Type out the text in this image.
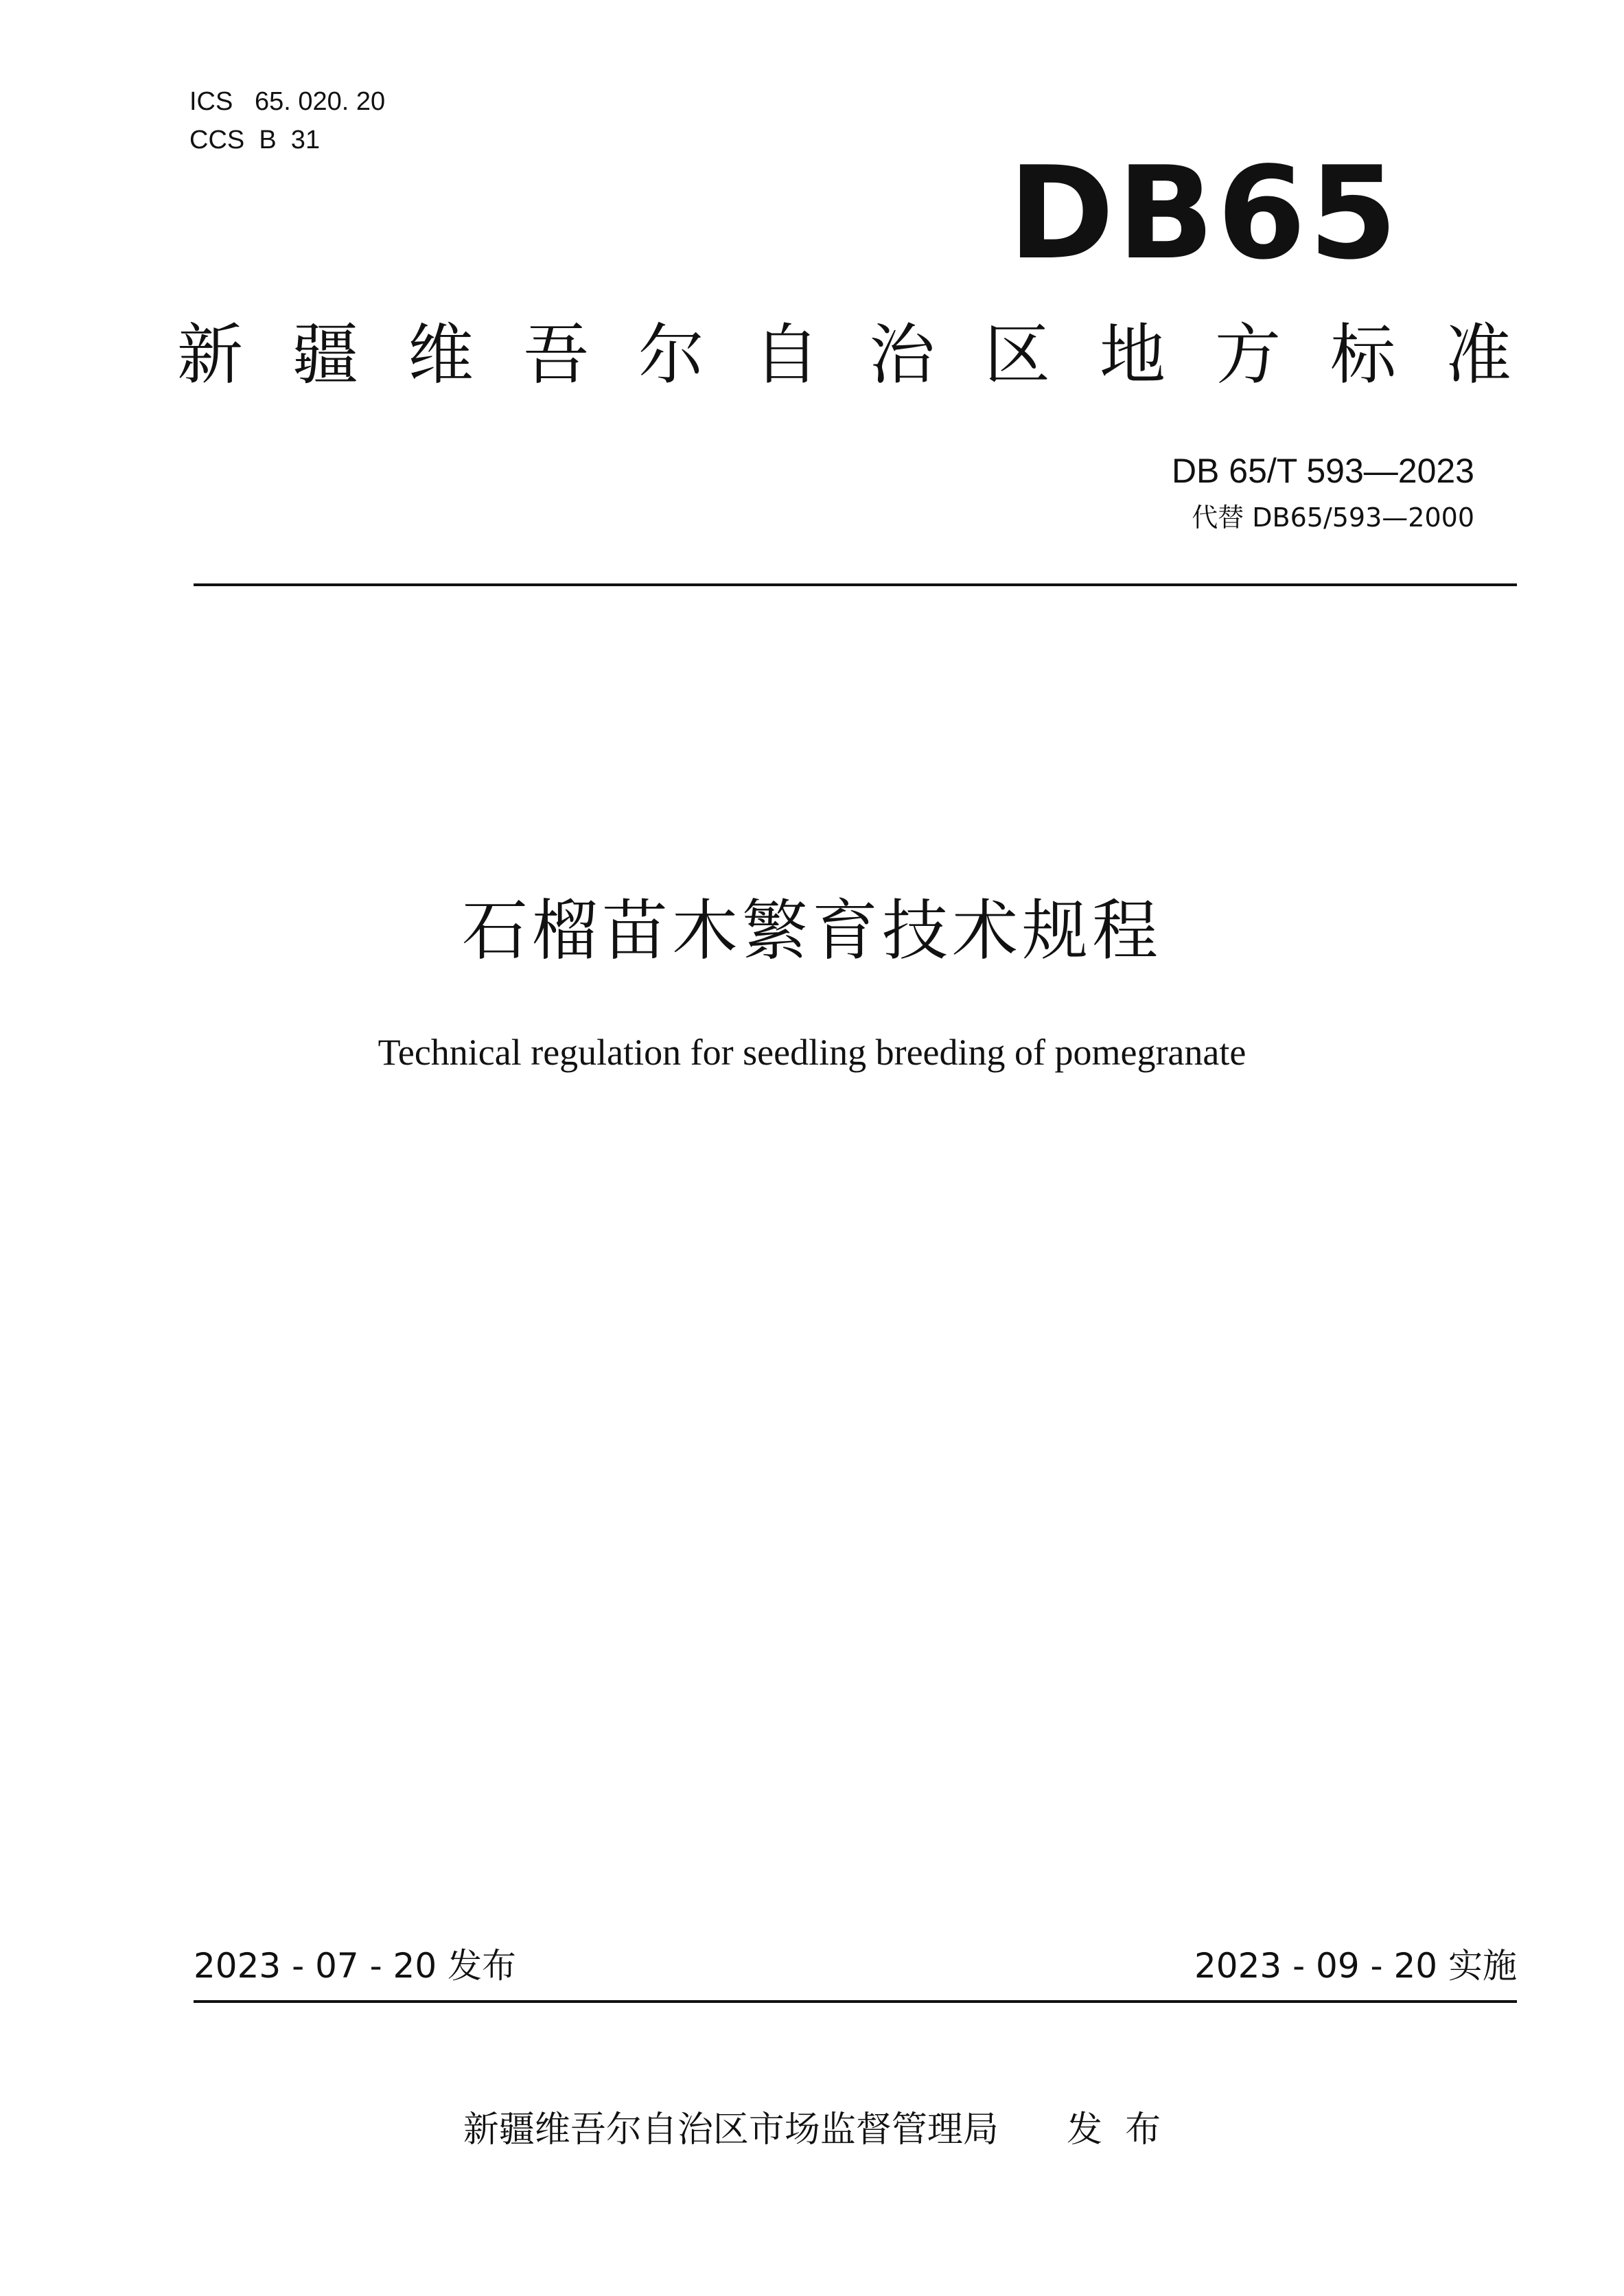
ICS   65. 020. 20
CCS  B  31	DB65
新疆维吾尔自治区地方标准
DB 65/T 593—2023
代替 DB65/593—2000
石榴苗木繁育技术规程
Technical regulation for seedling breeding of pomegranate
2023 - 07 - 20 发布	2023 - 09 - 20 实施
新疆维吾尔自治区市场监督管理局      发  布
